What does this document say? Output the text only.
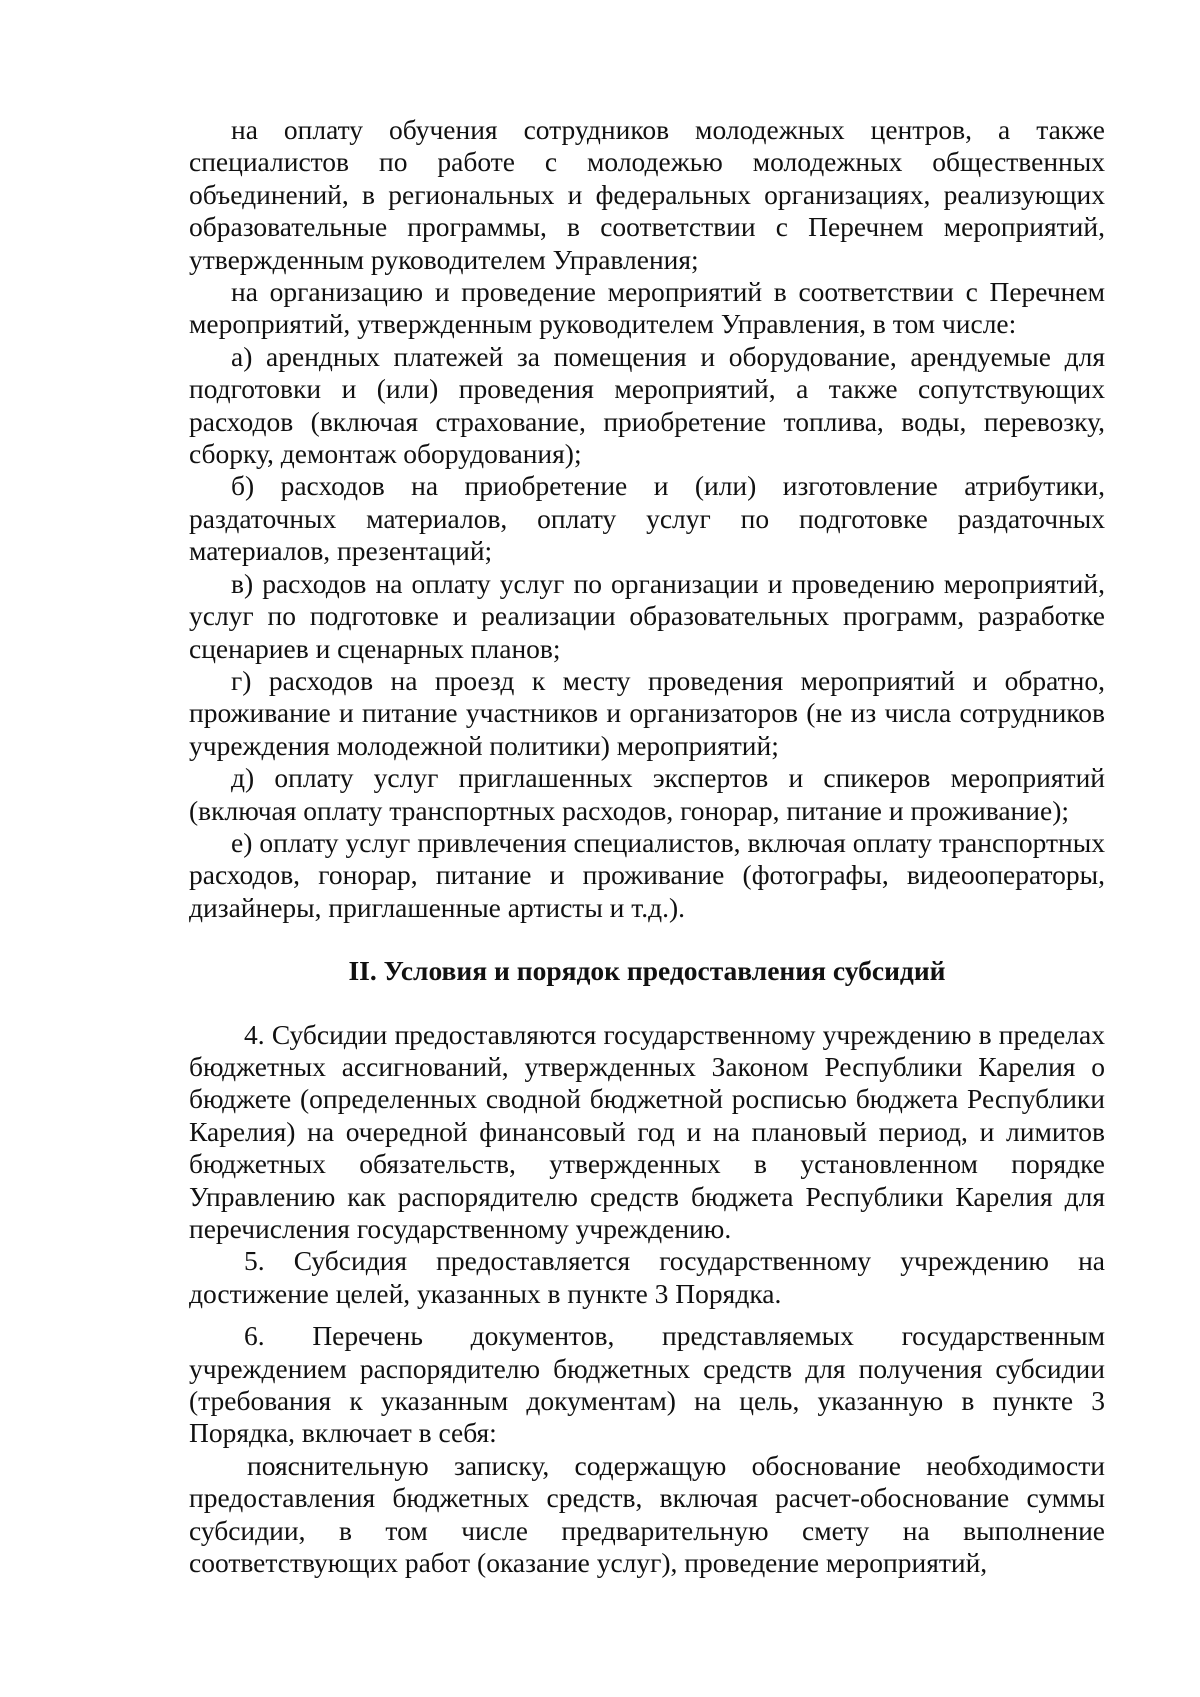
на оплату обучения сотрудников молодежных центров, а также специалистов по работе с молодежью молодежных общественных объединений, в региональных и федеральных организациях, реализующих образовательные программы, в соответствии с Перечнем мероприятий, утвержденным руководителем Управления;

на организацию и проведение мероприятий в соответствии с Перечнем мероприятий, утвержденным руководителем Управления, в том числе:

а) арендных платежей за помещения и оборудование, арендуемые для подготовки и (или) проведения мероприятий, а также сопутствующих расходов (включая страхование, приобретение топлива, воды, перевозку, сборку, демонтаж оборудования);

б) расходов на приобретение и (или) изготовление атрибутики, раздаточных материалов, оплату услуг по подготовке раздаточных материалов, презентаций;

в) расходов на оплату услуг по организации и проведению мероприятий, услуг по подготовке и реализации образовательных программ, разработке сценариев и сценарных планов;

г) расходов на проезд к месту проведения мероприятий и обратно, проживание и питание участников и организаторов (не из числа сотрудников учреждения молодежной политики) мероприятий;

д) оплату услуг приглашенных экспертов и спикеров мероприятий (включая оплату транспортных расходов, гонорар, питание и проживание);

е) оплату услуг привлечения специалистов, включая оплату транспортных расходов, гонорар, питание и проживание (фотографы, видеооператоры, дизайнеры, приглашенные артисты и т.д.).

II. Условия и порядок предоставления субсидий

4. Субсидии предоставляются государственному учреждению в пределах бюджетных ассигнований, утвержденных Законом Республики Карелия о бюджете (определенных сводной бюджетной росписью бюджета Республики Карелия) на очередной финансовый год и на плановый период, и лимитов бюджетных обязательств, утвержденных в установленном порядке Управлению как распорядителю средств бюджета Республики Карелия для перечисления государственному учреждению.

5. Субсидия предоставляется государственному учреждению на достижение целей, указанных в пункте 3 Порядка.

6. Перечень документов, представляемых государственным учреждением распорядителю бюджетных средств для получения субсидии (требования к указанным документам) на цель, указанную в пункте 3 Порядка, включает в себя:

пояснительную записку, содержащую обоснование необходимости предоставления бюджетных средств, включая расчет-обоснование суммы субсидии, в том числе предварительную смету на выполнение соответствующих работ (оказание услуг), проведение мероприятий,
